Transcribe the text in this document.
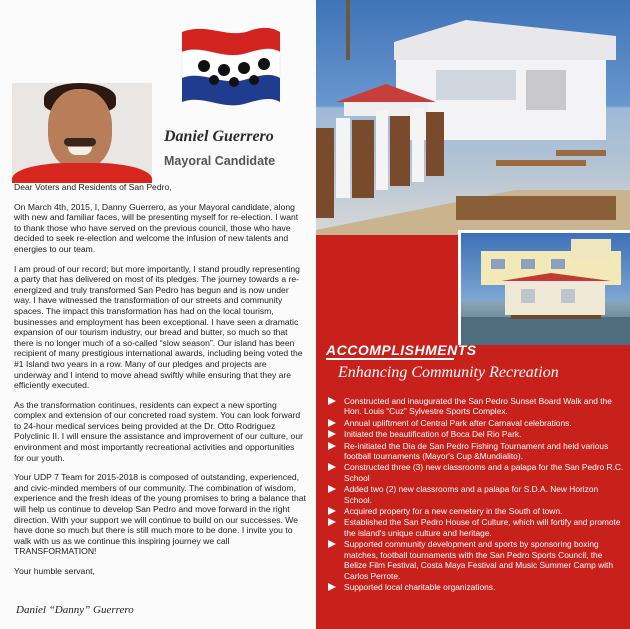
Daniel Guerrero
Mayoral Candidate

Dear Voters and Residents of San Pedro,

On March 4th, 2015, I, Danny Guerrero, as your Mayoral candidate, along with new and familiar faces, will be presenting myself for re-election. I want to thank those who have served on the previous council, those who have decided to seek re-election and welcome the infusion of new talents and energies to our team.

I am proud of our record; but more importantly, I stand proudly representing a party that has delivered on most of its pledges. The journey towards a re-energized and truly transformed San Pedro has begun and is now under way. I have witnessed the transformation of our streets and community spaces. The impact this transformation has had on the local tourism, businesses and employment has been exceptional. I have seen a dramatic expansion of our tourism industry, our bread and butter, so much so that there is no longer much of a so-called “slow season”. Our island has been recipient of many prestigious international awards, including being voted the #1 Island two years in a row. Many of our pledges and projects are underway and I intend to move ahead swiftly while ensuring that they are efficiently executed.

As the transformation continues, residents can expect a new sporting complex and extension of our concreted road system. You can look forward to 24-hour medical services being provided at the Dr. Otto Rodriguez Polyclinic II. I will ensure the assistance and improvement of our culture, our environment and most importantly recreational activities and opportunities for our youth.

Your UDP 7 Team for 2015-2018 is composed of outstanding, experienced, and civic-minded members of our community. The combination of wisdom, experience and the fresh ideas of the young promises to bring a balance that will help us continue to develop San Pedro and move forward in the right direction. With your support we will continue to build on our successes. We have done so much but there is still much more to be done. I invite you to walk with us as we continue this inspiring journey we call TRANSFORMATION!

Your humble servant,

Daniel “Danny” Guerrero
ACCOMPLISHMENTS
Enhancing Community Recreation
Constructed and inaugurated the San Pedro Sunset Board Walk and the Hon. Louis “Cuz” Sylvestre Sports Complex.
Annual upliftment of Central Park after Carnaval celebrations.
Initiated the beautification of Boca Del Rio Park.
Re-initiated the Dia de San Pedro Fishing Tournament and held various football tournaments (Mayor's Cup &Mundialito).
Constructed three (3) new classrooms and a palapa for the San Pedro R.C. School
Added two (2) new classrooms and a palapa for S.D.A. New Horizon School.
Acquired property for a new cemetery in the South of town.
Established the San Pedro House of Culture, which will fortify and promote the island's unique culture and heritage.
Supported community development and sports by sponsoring boxing matches, football tournaments with the San Pedro Sports Council, the Belize Film Festival, Costa Maya Festival and Music Summer Camp with Carlos Perrote.
Supported local charitable organizations.
